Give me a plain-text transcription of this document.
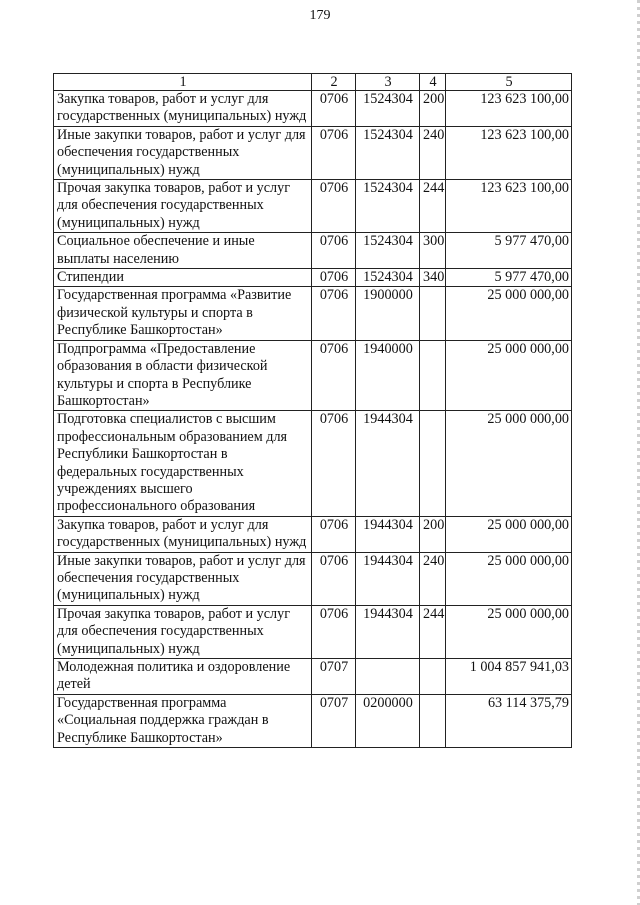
179
1	2	3	4	5
Закупка товаров, работ и услуг для государственных (муниципальных) нужд	0706	1524304	200	123 623 100,00
Иные закупки товаров, работ и услуг для обеспечения государственных (муниципальных) нужд	0706	1524304	240	123 623 100,00
Прочая закупка товаров, работ и услуг для обеспечения государственных (муниципальных) нужд	0706	1524304	244	123 623 100,00
Социальное обеспечение и иные выплаты населению	0706	1524304	300	5 977 470,00
Стипендии	0706	1524304	340	5 977 470,00
Государственная программа «Развитие физической культуры и спорта в Республике Башкортостан»	0706	1900000		25 000 000,00
Подпрограмма «Предоставление образования в области физической культуры и спорта в Республике Башкортостан»	0706	1940000		25 000 000,00
Подготовка специалистов с высшим профессиональным образованием для Республики Башкортостан в федеральных государственных учреждениях высшего профессионального образования	0706	1944304		25 000 000,00
Закупка товаров, работ и услуг для государственных (муниципальных) нужд	0706	1944304	200	25 000 000,00
Иные закупки товаров, работ и услуг для обеспечения государственных (муниципальных) нужд	0706	1944304	240	25 000 000,00
Прочая закупка товаров, работ и услуг для обеспечения государственных (муниципальных) нужд	0706	1944304	244	25 000 000,00
Молодежная политика и оздоровление детей	0707			1 004 857 941,03
Государственная программа «Социальная поддержка граждан в Республике Башкортостан»	0707	0200000		63 114 375,79
